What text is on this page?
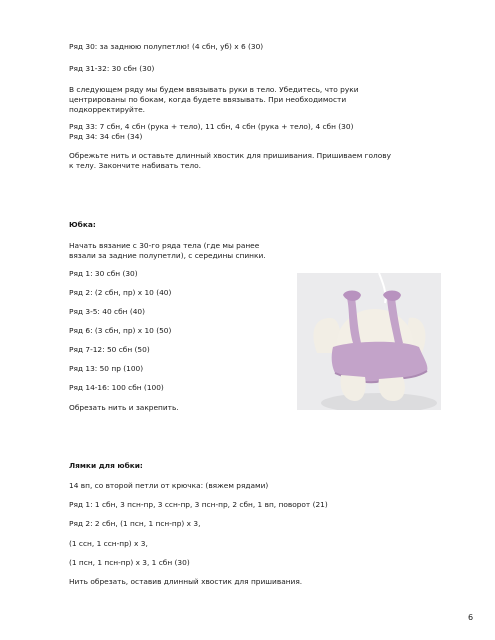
Ряд 30: за заднюю полупетлю! (4 сбн, уб) х 6 (30)
Ряд 31-32: 30 сбн (30)
В следующем ряду мы будем ввязывать руки в тело. Убедитесь, что руки
центрированы по бокам, когда будете ввязывать. При необходимости
подкорректируйте.
Ряд 33: 7 сбн, 4 сбн (рука + тело), 11 сбн, 4 сбн (рука + тело), 4 сбн (30)
Ряд 34: 34 сбн (34)
Обрежьте нить и оставьте длинный хвостик для пришивания. Пришиваем голову
к телу. Закончите набивать тело.
Юбка:
Начать вязание с 30-го ряда тела (где мы ранее
вязали за задние полупетли), с середины спинки.
Ряд 1: 30 сбн (30)
Ряд 2: (2 сбн, пр) х 10 (40)
Ряд 3-5: 40 сбн (40)
Ряд 6: (3 сбн, пр) х 10 (50)
Ряд 7-12: 50 сбн (50)
Ряд 13: 50 пр (100)
Ряд 14-16: 100 сбн (100)
Обрезать нить и закрепить.
Лямки для юбки:
14 вп, со второй петли от крючка: (вяжем рядами)
Ряд 1: 1 сбн, 3 псн-пр, 3 ссн-пр, 3 псн-пр, 2 сбн, 1 вп, поворот (21)
Ряд 2: 2 сбн, (1 псн, 1 псн-пр) х 3,
(1 ссн, 1 ссн-пр) х 3,
(1 псн, 1 псн-пр) х 3, 1 сбн (30)
Нить обрезать, оставив длинный хвостик для пришивания.
6
